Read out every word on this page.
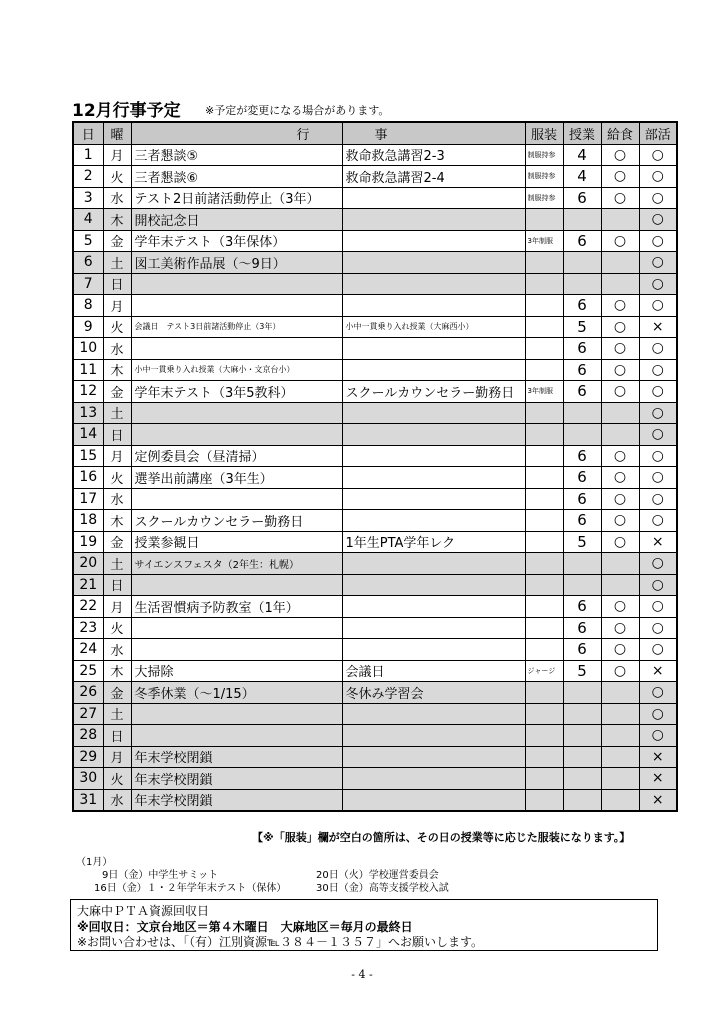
12月行事予定 ※予定が変更になる場合があります。
日	曜	行	事	服装	授業	給食	部活
1	月	三者懇談⑤	救命救急講習2-3	制服持参	4	○	○
2	火	三者懇談⑥	救命救急講習2-4	制服持参	4	○	○
3	水	テスト2日前諸活動停止（3年）		制服持参	6	○	○
4	木	開校記念日					○
5	金	学年末テスト（3年保体）		3年制服	6	○	○
6	土	図工美術作品展（～9日）					○
7	日						○
8	月				6	○	○
9	火	会議日　テスト3日前諸活動停止（3年）	小中一貫乗り入れ授業（大麻西小）		5	○	×
10	水				6	○	○
11	木	小中一貫乗り入れ授業（大麻小・文京台小）			6	○	○
12	金	学年末テスト（3年5教科）	スクールカウンセラー勤務日	3年制服	6	○	○
13	土						○
14	日						○
15	月	定例委員会（昼清掃）			6	○	○
16	火	選挙出前講座（3年生）			6	○	○
17	水				6	○	○
18	木	スクールカウンセラー勤務日			6	○	○
19	金	授業参観日	1年生PTA学年レク		5	○	×
20	土	サイエンスフェスタ（2年生：札幌）					○
21	日						○
22	月	生活習慣病予防教室（1年）			6	○	○
23	火				6	○	○
24	水				6	○	○
25	木	大掃除	会議日	ジャージ	5	○	×
26	金	冬季休業（～1/15）	冬休み学習会				○
27	土						○
28	日						○
29	月	年末学校閉鎖					×
30	火	年末学校閉鎖					×
31	水	年末学校閉鎖					×
【※「服装」欄が空白の箇所は、その日の授業等に応じた服装になります。】
（1月）
9日（金）中学生サミット	20日（火）学校運営委員会
16日（金）１・２年学年末テスト（保体）	30日（金）高等支援学校入試
大麻中ＰＴＡ資源回収日
※回収日：文京台地区＝第４木曜日　大麻地区＝毎月の最終日
※お問い合わせは、「（有）江別資源℡３８４－１３５７」へお願いします。
- 4 -
